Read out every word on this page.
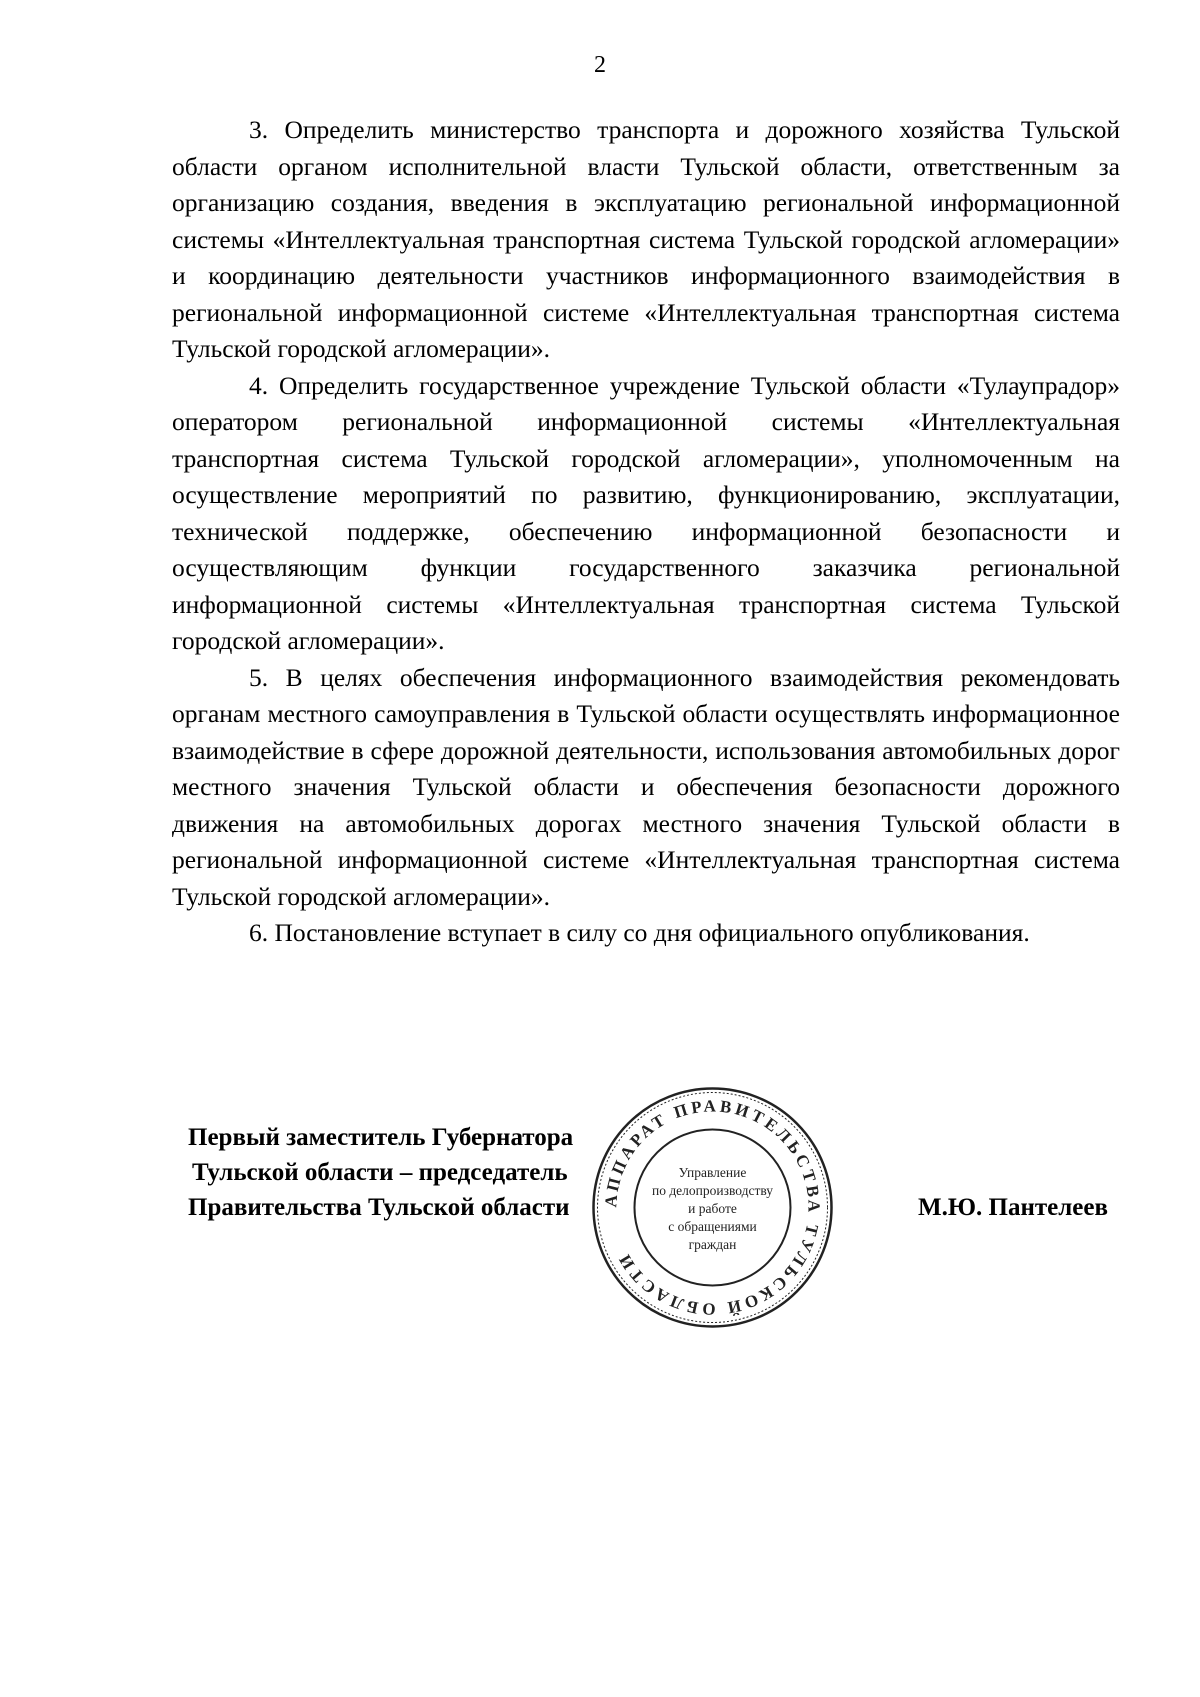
2

3. Определить министерство транспорта и дорожного хозяйства Тульской области органом исполнительной власти Тульской области, ответственным за организацию создания, введения в эксплуатацию региональной информационной системы «Интеллектуальная транспортная система Тульской городской агломерации» и координацию деятельности участников информационного взаимодействия в региональной информационной системе «Интеллектуальная транспортная система Тульской городской агломерации».

4. Определить государственное учреждение Тульской области «Тулаупрадор» оператором региональной информационной системы «Интеллектуальная транспортная система Тульской городской агломерации», уполномоченным на осуществление мероприятий по развитию, функционированию, эксплуатации, технической поддержке, обеспечению информационной безопасности и осуществляющим функции государственного заказчика региональной информационной системы «Интеллектуальная транспортная система Тульской городской агломерации».

5. В целях обеспечения информационного взаимодействия рекомендовать органам местного самоуправления в Тульской области осуществлять информационное взаимодействие в сфере дорожной деятельности, использования автомобильных дорог местного значения Тульской области и обеспечения безопасности дорожного движения на автомобильных дорогах местного значения Тульской области в региональной информационной системе «Интеллектуальная транспортная система Тульской городской агломерации».

6. Постановление вступает в силу со дня официального опубликования.

Первый заместитель Губернатора
Тульской области – председатель
Правительства Тульской области	М.Ю. Пантелеев
АППАРАТ ПРАВИТЕЛЬСТВА ТУЛЬСКОЙ ОБЛАСТИ
Управление
по делопроизводству
и работе
с обращениями
граждан
